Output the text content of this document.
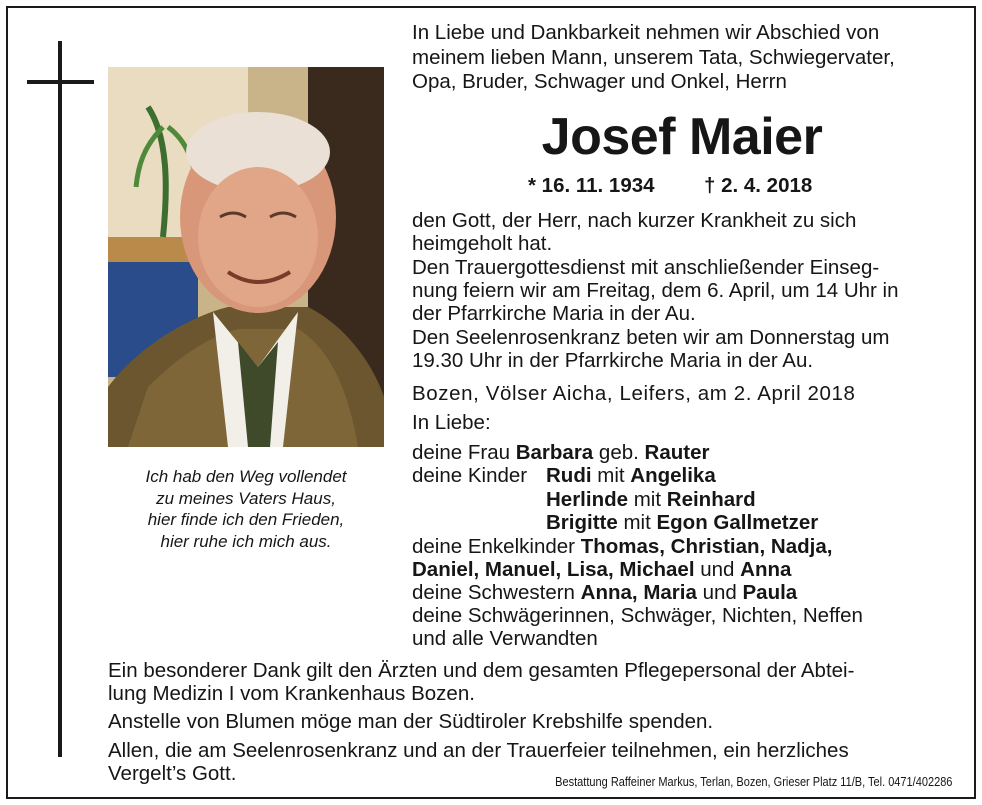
Ich hab den Weg vollendet
zu meines Vaters Haus,
hier finde ich den Frieden,
hier ruhe ich mich aus.
In Liebe und Dankbarkeit nehmen wir Abschied von
meinem lieben Mann, unserem Tata, Schwiegervater,
Opa, Bruder, Schwager und Onkel, Herrn
Josef Maier
* 16. 11. 1934 † 2. 4. 2018
den Gott, der Herr, nach kurzer Krankheit zu sich
heimgeholt hat.
Den Trauergottesdienst mit anschließender Einseg-
nung feiern wir am Freitag, dem 6. April, um 14 Uhr in
der Pfarrkirche Maria in der Au.
Den Seelenrosenkranz beten wir am Donnerstag um
19.30 Uhr in der Pfarrkirche Maria in der Au.
Bozen, Völser Aicha, Leifers, am 2. April 2018
In Liebe:
deine Frau Barbara geb. Rauter
deine Kinder Rudi mit Angelika
Herlinde mit Reinhard
Brigitte mit Egon Gallmetzer
deine Enkelkinder Thomas, Christian, Nadja,
Daniel, Manuel, Lisa, Michael und Anna
deine Schwestern Anna, Maria und Paula
deine Schwägerinnen, Schwäger, Nichten, Neffen
und alle Verwandten
Ein besonderer Dank gilt den Ärzten und dem gesamten Pflegepersonal der Abtei-
lung Medizin I vom Krankenhaus Bozen.
Anstelle von Blumen möge man der Südtiroler Krebshilfe spenden.
Allen, die am Seelenrosenkranz und an der Trauerfeier teilnehmen, ein herzliches
Vergelt’s Gott.	Bestattung Raffeiner Markus, Terlan, Bozen, Grieser Platz 11/B, Tel. 0471/402286
